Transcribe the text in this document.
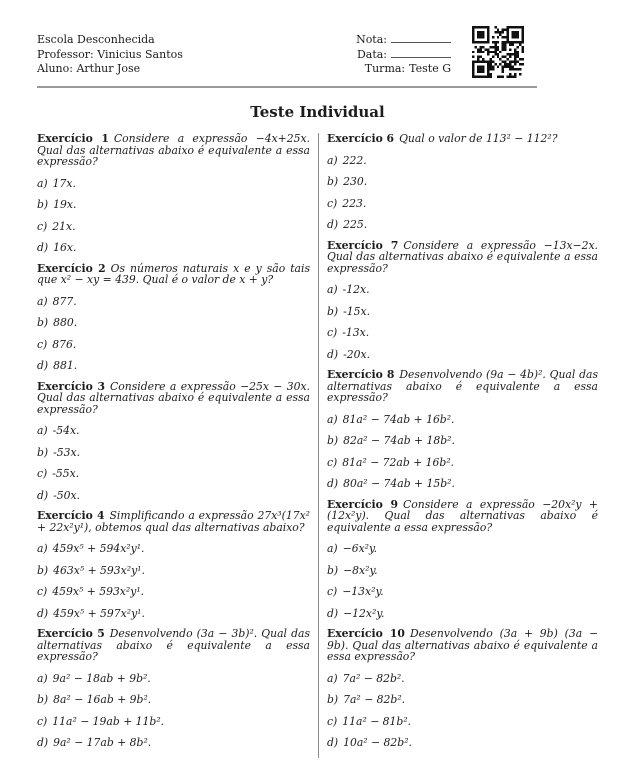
Escola Desconhecida
Professor: Vinicius Santos
Aluno: Arthur Jose
Nota:
Data:
Turma: Teste G
Teste Individual

Exercício 1 Considere a expressão −4x+25x. Qual das alternativas abaixo é equivalente a essa expressão?

a) 17x.
b) 19x.
c) 21x.
d) 16x.

Exercício 2 Os números naturais x e y são tais que x² − xy = 439. Qual é o valor de x + y?

a) 877.
b) 880.
c) 876.
d) 881.

Exercício 3 Considere a expressão −25x − 30x. Qual das alternativas abaixo é equivalente a essa expressão?

a) -54x.
b) -53x.
c) -55x.
d) -50x.

Exercício 4 Simplificando a expressão 27x³(17x² + 22x²y¹), obtemos qual das alternativas abaixo?

a) 459x⁵ + 594x²y¹.
b) 463x⁵ + 593x²y¹.
c) 459x⁵ + 593x²y¹.
d) 459x⁵ + 597x²y¹.

Exercício 5 Desenvolvendo (3a − 3b)². Qual das alternativas abaixo é equivalente a essa expressão?

a) 9a² − 18ab + 9b².
b) 8a² − 16ab + 9b².
c) 11a² − 19ab + 11b².
d) 9a² − 17ab + 8b².

Exercício 6 Qual o valor de 113² − 112²?

a) 222.
b) 230.
c) 223.
d) 225.

Exercício 7 Considere a expressão −13x−2x. Qual das alternativas abaixo é equivalente a essa expressão?

a) -12x.
b) -15x.
c) -13x.
d) -20x.

Exercício 8 Desenvolvendo (9a − 4b)². Qual das alternativas abaixo é equivalente a essa expressão?

a) 81a² − 74ab + 16b².
b) 82a² − 74ab + 18b².
c) 81a² − 72ab + 16b².
d) 80a² − 74ab + 15b².

Exercício 9 Considere a expressão −20x²y + (12x²y). Qual das alternativas abaixo é equivalente a essa expressão?

a) −6x²y.
b) −8x²y.
c) −13x²y.
d) −12x²y.

Exercício 10 Desenvolvendo (3a + 9b) (3a − 9b). Qual das alternativas abaixo é equivalente a essa expressão?

a) 7a² − 82b².
b) 7a² − 82b².
c) 11a² − 81b².
d) 10a² − 82b².
